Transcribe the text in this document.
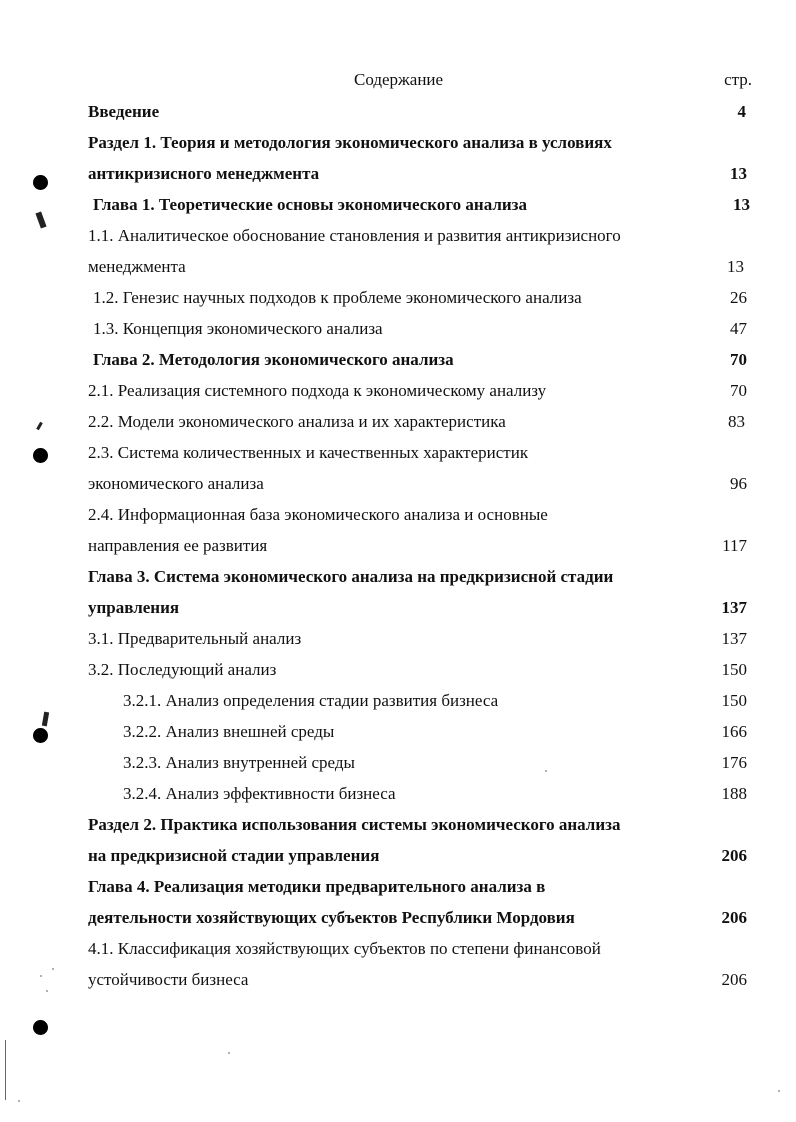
Содержание	стр.
Введение	4
Раздел 1. Теория и методология экономического анализа в условиях
антикризисного менеджмента	13
Глава 1. Теоретические основы экономического анализа	13
1.1. Аналитическое обоснование становления и развития антикризисного
менеджмента	13
1.2. Генезис научных подходов к проблеме экономического анализа	26
1.3. Концепция экономического анализа	47
Глава 2. Методология экономического анализа	70
2.1. Реализация системного подхода к экономическому анализу	70
2.2. Модели экономического анализа и их характеристика	83
2.3. Система количественных и качественных характеристик
экономического анализа	96
2.4. Информационная база экономического анализа и основные
направления ее развития	117
Глава 3. Система экономического анализа на предкризисной стадии
управления	137
3.1. Предварительный анализ	137
3.2. Последующий анализ	150
3.2.1. Анализ определения стадии развития бизнеса	150
3.2.2. Анализ внешней среды	166
3.2.3. Анализ внутренней среды	176
3.2.4. Анализ эффективности бизнеса	188
Раздел 2. Практика использования системы экономического анализа
на предкризисной стадии управления	206
Глава 4. Реализация методики предварительного анализа в
деятельности хозяйствующих субъектов Республики Мордовия	206
4.1. Классификация хозяйствующих субъектов по степени финансовой
устойчивости бизнеса	206
